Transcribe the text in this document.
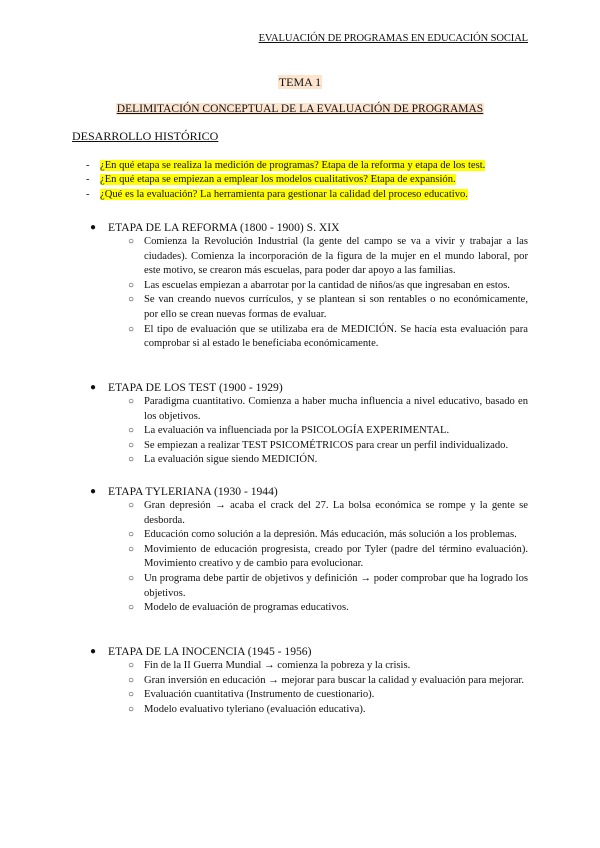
EVALUACIÓN DE PROGRAMAS EN EDUCACIÓN SOCIAL
TEMA 1
DELIMITACIÓN CONCEPTUAL DE LA EVALUACIÓN DE PROGRAMAS
DESARROLLO HISTÓRICO
- ¿En qué etapa se realiza la medición de programas? Etapa de la reforma y etapa de los test.
- ¿En qué etapa se empiezan a emplear los modelos cualitativos? Etapa de expansión.
- ¿Qué es la evaluación? La herramienta para gestionar la calidad del proceso educativo.
● ETAPA DE LA REFORMA (1800 - 1900) S. XIX
○ Comienza la Revolución Industrial (la gente del campo se va a vivir y trabajar a las ciudades). Comienza la incorporación de la figura de la mujer en el mundo laboral, por este motivo, se crearon más escuelas, para poder dar apoyo a las familias.
○ Las escuelas empiezan a abarrotar por la cantidad de niños/as que ingresaban en estos.
○ Se van creando nuevos currículos, y se plantean si son rentables o no económicamente, por ello se crean nuevas formas de evaluar.
○ El tipo de evaluación que se utilizaba era de MEDICIÓN. Se hacía esta evaluación para comprobar si al estado le beneficiaba económicamente.
● ETAPA DE LOS TEST (1900 - 1929)
○ Paradigma cuantitativo. Comienza a haber mucha influencia a nivel educativo, basado en los objetivos.
○ La evaluación va influenciada por la PSICOLOGÍA EXPERIMENTAL.
○ Se empiezan a realizar TEST PSICOMÉTRICOS para crear un perfil individualizado.
○ La evaluación sigue siendo MEDICIÓN.
● ETAPA TYLERIANA (1930 - 1944)
○ Gran depresión → acaba el crack del 27. La bolsa económica se rompe y la gente se desborda.
○ Educación como solución a la depresión. Más educación, más solución a los problemas.
○ Movimiento de educación progresista, creado por Tyler (padre del término evaluación). Movimiento creativo y de cambio para evolucionar.
○ Un programa debe partir de objetivos y definición → poder comprobar que ha logrado los objetivos.
○ Modelo de evaluación de programas educativos.
● ETAPA DE LA INOCENCIA (1945 - 1956)
○ Fin de la II Guerra Mundial → comienza la pobreza y la crisis.
○ Gran inversión en educación → mejorar para buscar la calidad y evaluación para mejorar.
○ Evaluación cuantitativa (Instrumento de cuestionario).
○ Modelo evaluativo tyleriano (evaluación educativa).
